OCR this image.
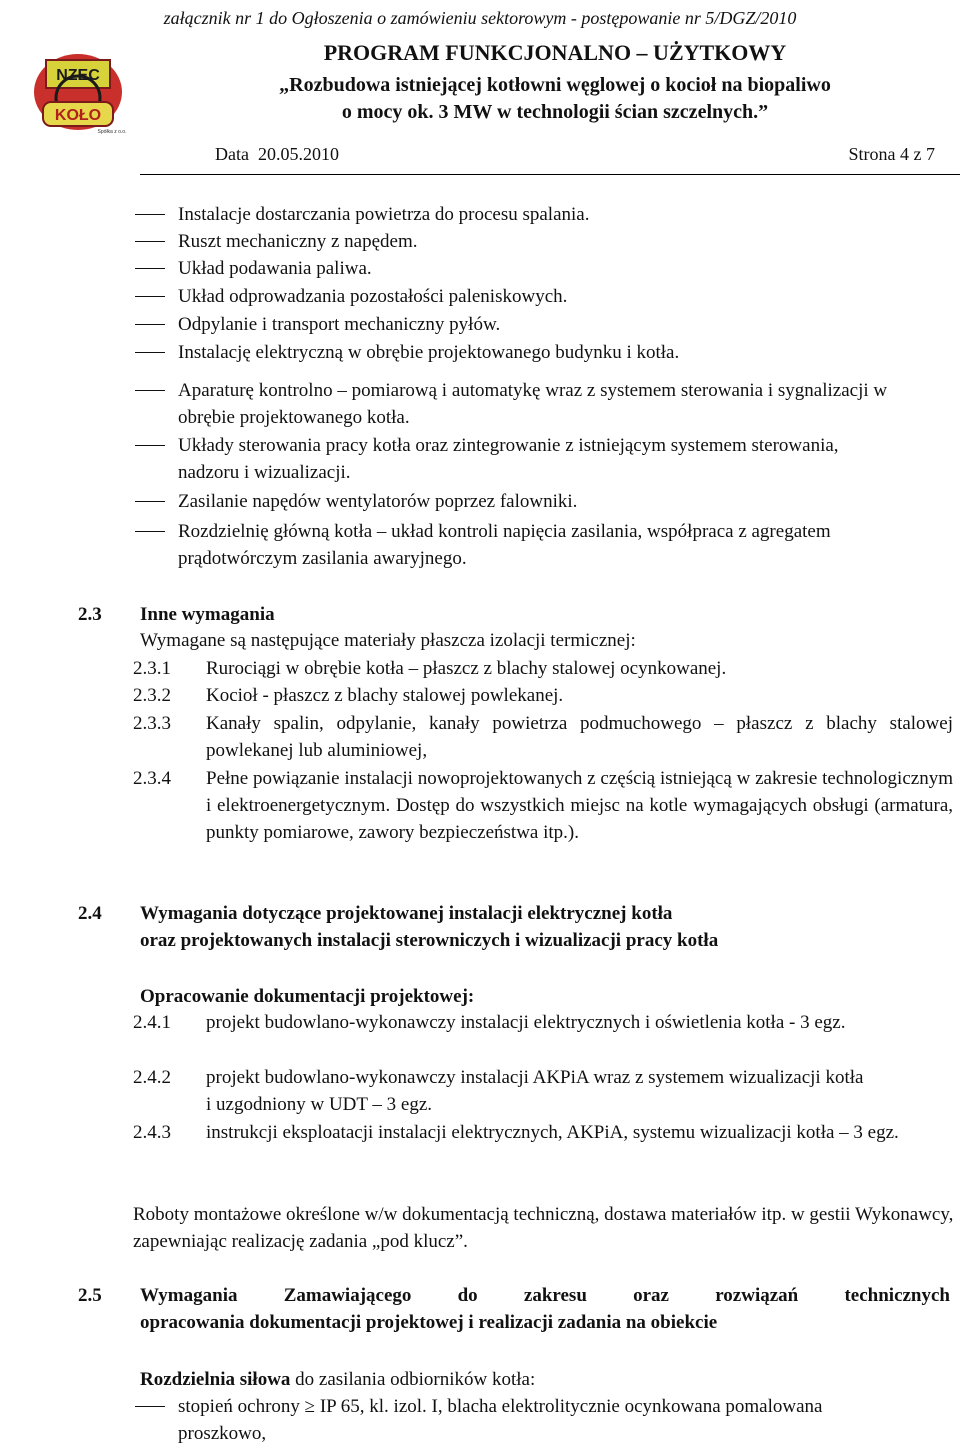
załącznik nr 1 do Ogłoszenia o zamówieniu sektorowym - postępowanie nr 5/DGZ/2010
NZEC
KOŁO
Spółka z o.o.
PROGRAM FUNKCJONALNO – UŻYTKOWY
„Rozbudowa istniejącej kotłowni węglowej o kocioł na biopaliwo
o mocy ok. 3 MW w technologii ścian szczelnych.”
Data 20.05.2010	Strona 4 z 7
Instalacje dostarczania powietrza do procesu spalania.
Ruszt mechaniczny z napędem.
Układ podawania paliwa.
Układ odprowadzania pozostałości paleniskowych.
Odpylanie i transport mechaniczny pyłów.
Instalację elektryczną w obrębie projektowanego budynku i kotła.
Aparaturę kontrolno – pomiarową i automatykę wraz z systemem sterowania i sygnalizacji w obrębie projektowanego kotła.
Układy sterowania pracy kotła oraz zintegrowanie z istniejącym systemem sterowania, nadzoru i wizualizacji.
Zasilanie napędów wentylatorów poprzez falowniki.
Rozdzielnię główną kotła – układ kontroli napięcia zasilania, współpraca z agregatem prądotwórczym zasilania awaryjnego.
2.3 Inne wymagania
Wymagane są następujące materiały płaszcza izolacji termicznej:
2.3.1 Rurociągi w obrębie kotła – płaszcz z blachy stalowej ocynkowanej.
2.3.2 Kocioł - płaszcz z blachy stalowej powlekanej.
2.3.3 Kanały spalin, odpylanie, kanały powietrza podmuchowego – płaszcz z blachy stalowej powlekanej lub aluminiowej,
2.3.4 Pełne powiązanie instalacji nowoprojektowanych z częścią istniejącą w zakresie technologicznym i elektroenergetycznym. Dostęp do wszystkich miejsc na kotle wymagających obsługi (armatura, punkty pomiarowe, zawory bezpieczeństwa itp.).
2.4 Wymagania dotyczące projektowanej instalacji elektrycznej kotła
oraz projektowanych instalacji sterowniczych i wizualizacji pracy kotła
Opracowanie dokumentacji projektowej:
2.4.1 projekt budowlano-wykonawczy instalacji elektrycznych i oświetlenia kotła - 3 egz.
2.4.2 projekt budowlano-wykonawczy instalacji AKPiA wraz z systemem wizualizacji kotła i uzgodniony w UDT – 3 egz.
2.4.3 instrukcji eksploatacji instalacji elektrycznych, AKPiA, systemu wizualizacji kotła – 3 egz.
Roboty montażowe określone w/w dokumentacją techniczną, dostawa materiałów itp. w gestii Wykonawcy, zapewniając realizację zadania „pod klucz”.
2.5 Wymagania Zamawiającego do zakresu oraz rozwiązań technicznych
opracowania dokumentacji projektowej i realizacji zadania na obiekcie
Rozdzielnia siłowa do zasilania odbiorników kotła:
stopień ochrony ≥ IP 65, kl. izol. I, blacha elektrolitycznie ocynkowana pomalowana proszkowo,
